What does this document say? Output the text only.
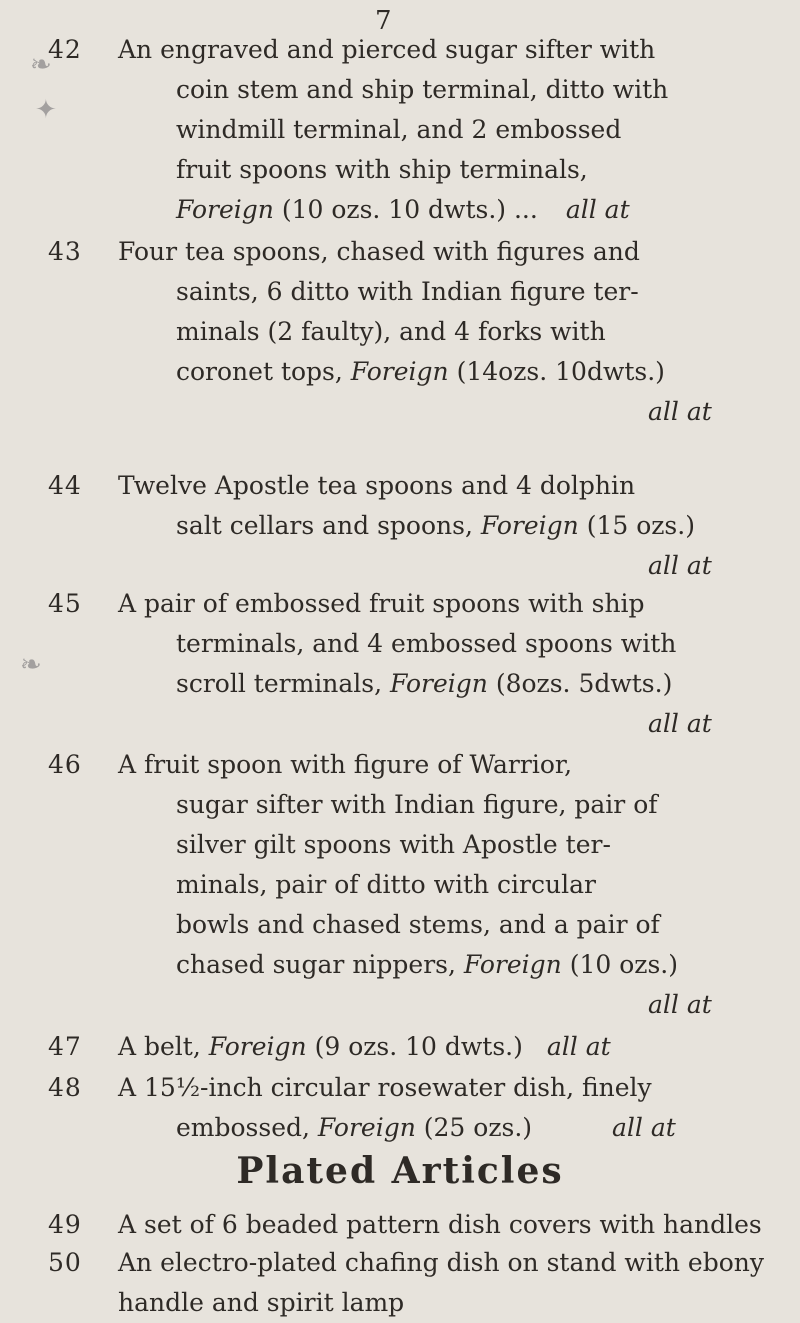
❧
✦
❧
7
42	An engraved and pierced sugar sifter with
coin stem and ship terminal, ditto with
windmill terminal, and 2 embossed
fruit spoons with ship terminals,
Foreign (10 ozs. 10 dwts.) ... all at
43	Four tea spoons, chased with figures and
saints, 6 ditto with Indian figure ter-
minals (2 faulty), and 4 forks with
coronet tops, Foreign (14ozs. 10dwts.)
all at
44	Twelve Apostle tea spoons and 4 dolphin
salt cellars and spoons, Foreign (15 ozs.)
all at
45	A pair of embossed fruit spoons with ship
terminals, and 4 embossed spoons with
scroll terminals, Foreign (8ozs. 5dwts.)
all at
46	A fruit spoon with figure of Warrior,
sugar sifter with Indian figure, pair of
silver gilt spoons with Apostle ter-
minals, pair of ditto with circular
bowls and chased stems, and a pair of
chased sugar nippers, Foreign (10 ozs.)
all at
47	A belt, Foreign (9 ozs. 10 dwts.) all at
48	A 15½-inch circular rosewater dish, finely
embossed, Foreign (25 ozs.)	all at
Plated Articles
49	A set of 6 beaded pattern dish covers with handles
50	An electro-plated chafing dish on stand with ebony
handle and spirit lamp
